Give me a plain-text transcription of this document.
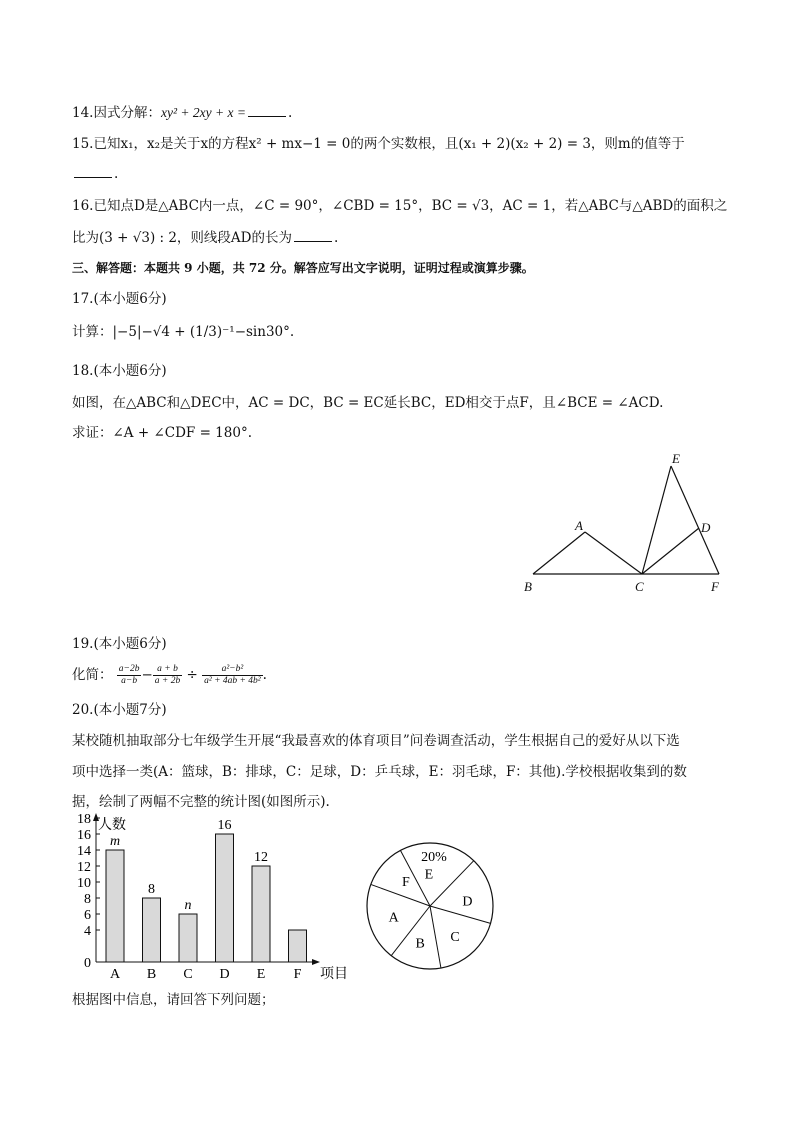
14.因式分解：xy² + 2xy + x =	.
15.已知x₁，x₂是关于x的方程x² + mx−1 = 0的两个实数根，且(x₁ + 2)(x₂ + 2) = 3，则m的值等于
.
16.已知点D是△ABC内一点，∠C = 90°，∠CBD = 15°，BC = √3，AC = 1，若△ABC与△ABD的面积之
比为(3 + √3) : 2，则线段AD的长为	.
三、解答题：本题共 9 小题，共 72 分。解答应写出文字说明，证明过程或演算步骤。
17.(本小题6分)
计算：|−5|−√4 + (1/3)⁻¹−sin30°.
18.(本小题6分)
如图，在△ABC和△DEC中，AC = DC，BC = EC延长BC，ED相交于点F，且∠BCE = ∠ACD.
求证：∠A + ∠CDF = 180°.
B
A
C
E
D
F
19.(本小题6分)
化简： $\frac{a-2b}{a-b} - \frac{a + b}{a + 2b} \div \frac{\text{a²−b²}}{\text{a² + 4ab + 4b²}}$ .
20.(本小题7分)
某校随机抽取部分七年级学生开展“我最喜欢的体育项目”问卷调查活动，学生根据自己的爱好从以下选
项中选择一类(A：篮球，B：排球，C：足球，D：乒乓球，E：羽毛球，F：其他).学校根据收集到的数
据，绘制了两幅不完整的统计图(如图所示).
人数
项目
0
4
6
8
10
12
14
16
18
A
m
B
8
C
n
D
16
E
12
F
E
20%
D
C
B
A
F
根据图中信息，请回答下列问题；
